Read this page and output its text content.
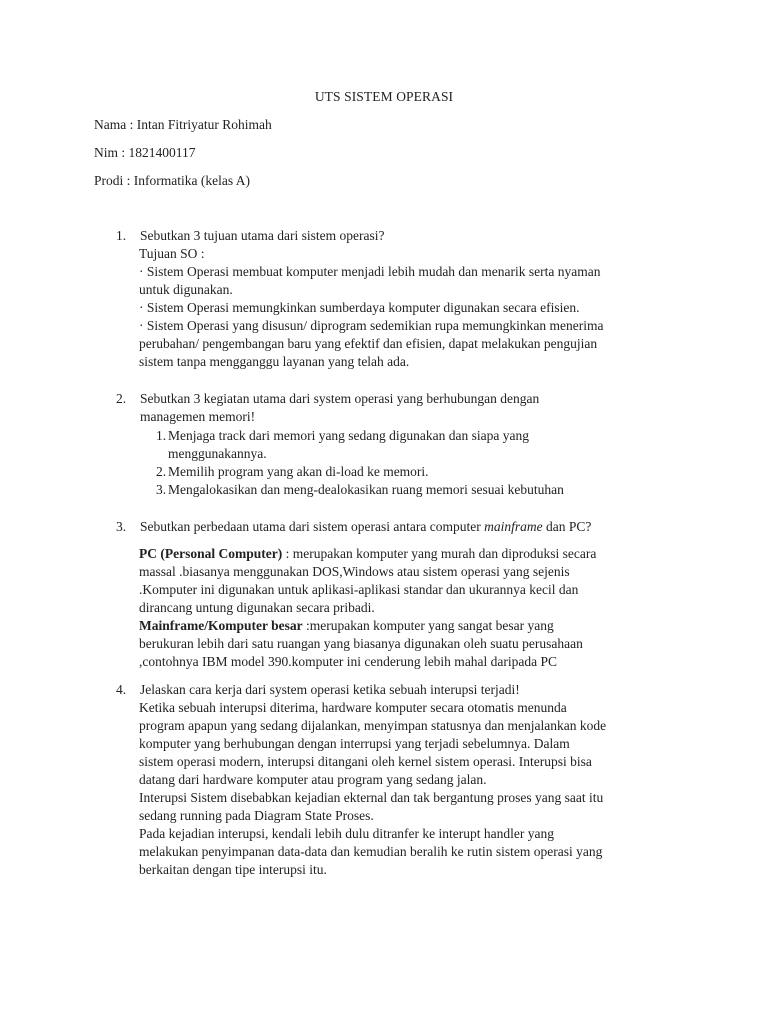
UTS SISTEM OPERASI
Nama : Intan Fitriyatur Rohimah
Nim : 1821400117
Prodi : Informatika (kelas A)
1. Sebutkan 3 tujuan utama dari sistem operasi?
Tujuan SO :
· Sistem Operasi membuat komputer menjadi lebih mudah dan menarik serta nyaman
untuk digunakan.
· Sistem Operasi memungkinkan sumberdaya komputer digunakan secara efisien.
· Sistem Operasi yang disusun/ diprogram sedemikian rupa memungkinkan menerima
perubahan/ pengembangan baru yang efektif dan efisien, dapat melakukan pengujian
sistem tanpa mengganggu layanan yang telah ada.
2. Sebutkan 3 kegiatan utama dari system operasi yang berhubungan dengan
managemen memori!
1. Menjaga track dari memori yang sedang digunakan dan siapa yang
menggunakannya.
2. Memilih program yang akan di-load ke memori.
3. Mengalokasikan dan meng-dealokasikan ruang memori sesuai kebutuhan
3. Sebutkan perbedaan utama dari sistem operasi antara computer mainframe dan PC?
PC (Personal Computer) : merupakan komputer yang murah dan diproduksi secara
massal .biasanya menggunakan DOS,Windows atau sistem operasi yang sejenis
.Komputer ini digunakan untuk aplikasi-aplikasi standar dan ukurannya kecil dan
dirancang untung digunakan secara pribadi.
Mainframe/Komputer besar :merupakan komputer yang sangat besar yang
berukuran lebih dari satu ruangan yang biasanya digunakan oleh suatu perusahaan
,contohnya IBM model 390.komputer ini cenderung lebih mahal daripada PC
4. Jelaskan cara kerja dari system operasi ketika sebuah interupsi terjadi!
Ketika sebuah interupsi diterima, hardware komputer secara otomatis menunda
program apapun yang sedang dijalankan, menyimpan statusnya dan menjalankan kode
komputer yang berhubungan dengan interrupsi yang terjadi sebelumnya. Dalam
sistem operasi modern, interupsi ditangani oleh kernel sistem operasi. Interupsi bisa
datang dari hardware komputer atau program yang sedang jalan.
Interupsi Sistem disebabkan kejadian ekternal dan tak bergantung proses yang saat itu
sedang running pada Diagram State Proses.
Pada kejadian interupsi, kendali lebih dulu ditranfer ke interupt handler yang
melakukan penyimpanan data-data dan kemudian beralih ke rutin sistem operasi yang
berkaitan dengan tipe interupsi itu.
